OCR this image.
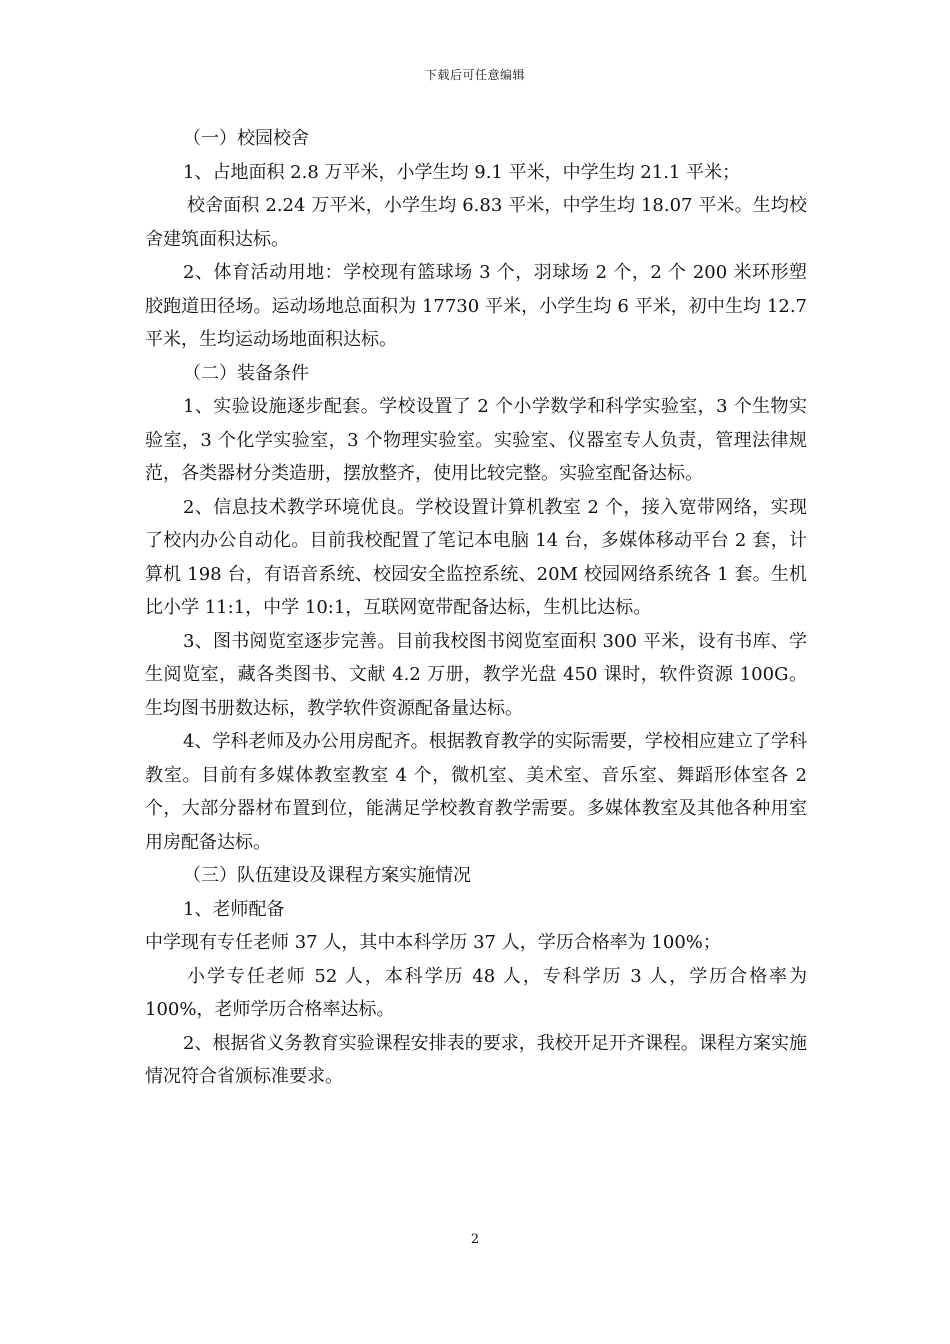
下载后可任意编辑

（一）校园校舍

1、占地面积 2.8 万平米，小学生均 9.1 平米，中学生均 21.1 平米；

校舍面积 2.24 万平米，小学生均 6.83 平米，中学生均 18.07 平米。生均校舍建筑面积达标。

2、体育活动用地：学校现有篮球场 3 个，羽球场 2 个，2 个 200 米环形塑胶跑道田径场。运动场地总面积为 17730 平米，小学生均 6 平米，初中生均 12.7 平米，生均运动场地面积达标。

（二）装备条件

1、实验设施逐步配套。学校设置了 2 个小学数学和科学实验室，3 个生物实验室，3 个化学实验室，3 个物理实验室。实验室、仪器室专人负责，管理法律规范，各类器材分类造册，摆放整齐，使用比较完整。实验室配备达标。

2、信息技术教学环境优良。学校设置计算机教室 2 个，接入宽带网络，实现了校内办公自动化。目前我校配置了笔记本电脑 14 台，多媒体移动平台 2 套，计算机 198 台，有语音系统、校园安全监控系统、20M 校园网络系统各 1 套。生机比小学 11:1，中学 10:1，互联网宽带配备达标，生机比达标。

3、图书阅览室逐步完善。目前我校图书阅览室面积 300 平米，设有书库、学生阅览室，藏各类图书、文献 4.2 万册，教学光盘 450 课时，软件资源 100G。生均图书册数达标，教学软件资源配备量达标。

4、学科老师及办公用房配齐。根据教育教学的实际需要，学校相应建立了学科教室。目前有多媒体教室教室 4 个，微机室、美术室、音乐室、舞蹈形体室各 2 个，大部分器材布置到位，能满足学校教育教学需要。多媒体教室及其他各种用室用房配备达标。

（三）队伍建设及课程方案实施情况

1、老师配备

中学现有专任老师 37 人，其中本科学历 37 人，学历合格率为 100%；

小学专任老师 52 人，本科学历 48 人，专科学历 3 人，学历合格率为 100%，老师学历合格率达标。

2、根据省义务教育实验课程安排表的要求，我校开足开齐课程。课程方案实施情况符合省颁标准要求。

2
